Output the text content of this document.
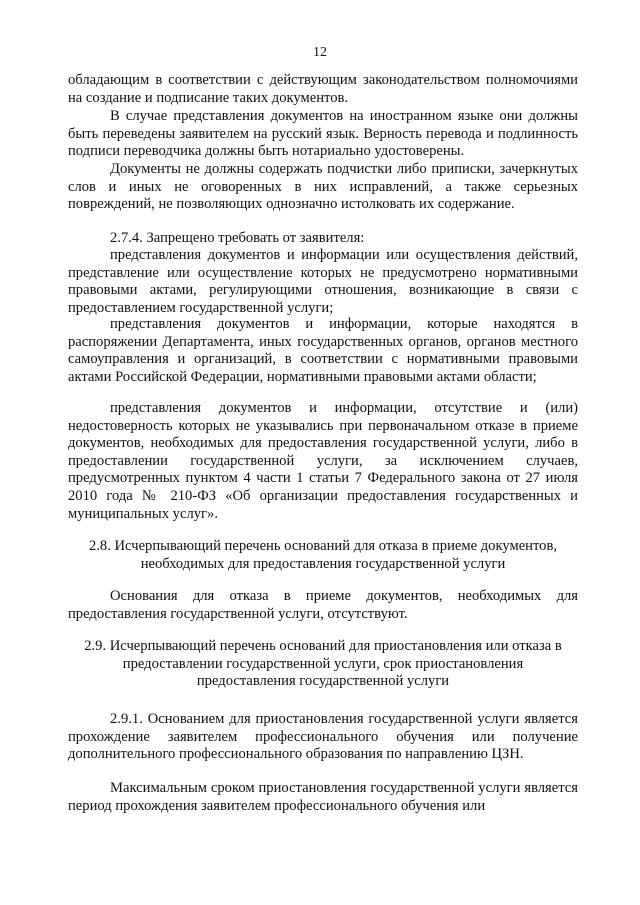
12

обладающим в соответствии с действующим законодательством полномочиями на создание и подписание таких документов.

В случае представления документов на иностранном языке они должны быть переведены заявителем на русский язык. Верность перевода и подлинность подписи переводчика должны быть нотариально удостоверены.

Документы не должны содержать подчистки либо приписки, зачеркнутых слов и иных не оговоренных в них исправлений, а также серьезных повреждений, не позволяющих однозначно истолковать их содержание.

2.7.4. Запрещено требовать от заявителя:

представления документов и информации или осуществления действий, представление или осуществление которых не предусмотрено нормативными правовыми актами, регулирующими отношения, возникающие в связи с предоставлением государственной услуги;

представления документов и информации, которые находятся в распоряжении Департамента, иных государственных органов, органов местного самоуправления и организаций, в соответствии с нормативными правовыми актами Российской Федерации, нормативными правовыми актами области;

представления документов и информации, отсутствие и (или) недостоверность которых не указывались при первоначальном отказе в приеме документов, необходимых для предоставления государственной услуги, либо в предоставлении государственной услуги, за исключением случаев, предусмотренных пунктом 4 части 1 статьи 7 Федерального закона от 27 июля 2010 года № 210-ФЗ «Об организации предоставления государственных и муниципальных услуг».

2.8. Исчерпывающий перечень оснований для отказа в приеме документов, необходимых для предоставления государственной услуги

Основания для отказа в приеме документов, необходимых для предоставления государственной услуги, отсутствуют.

2.9. Исчерпывающий перечень оснований для приостановления или отказа в предоставлении государственной услуги, срок приостановления предоставления государственной услуги

2.9.1. Основанием для приостановления государственной услуги является прохождение заявителем профессионального обучения или получение дополнительного профессионального образования по направлению ЦЗН.

Максимальным сроком приостановления государственной услуги является период прохождения заявителем профессионального обучения или
